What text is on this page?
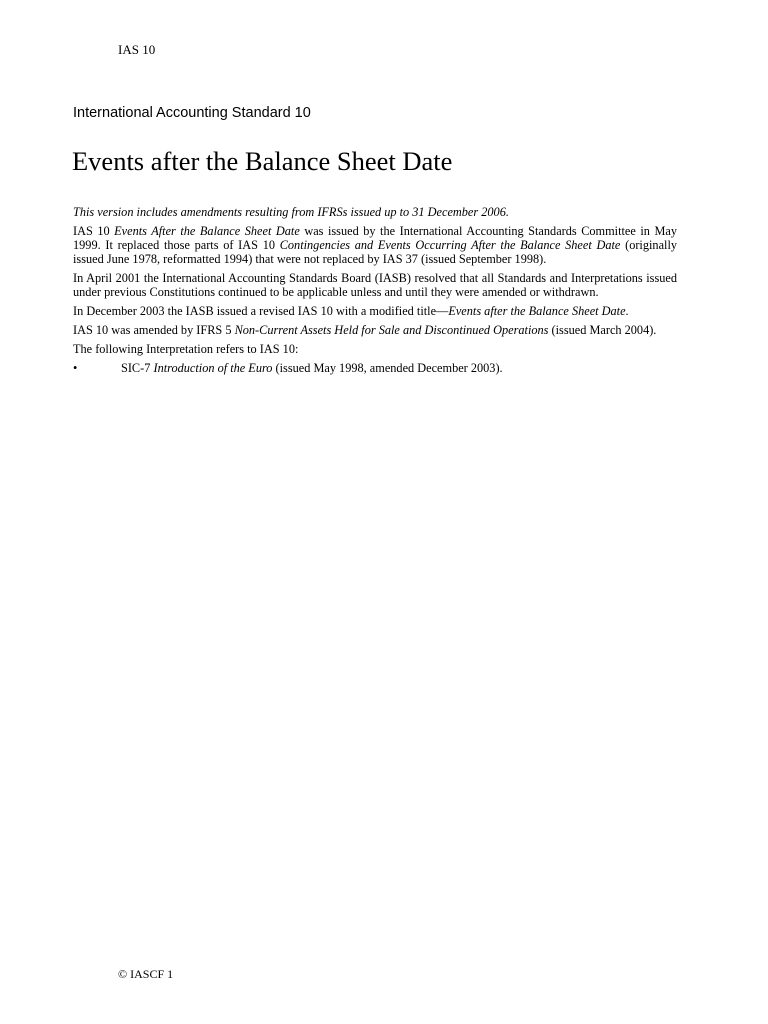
IAS 10
International Accounting Standard 10
Events after the Balance Sheet Date

This version includes amendments resulting from IFRSs issued up to 31 December 2006.

IAS 10 Events After the Balance Sheet Date was issued by the International Accounting Standards Committee in May 1999. It replaced those parts of IAS 10 Contingencies and Events Occurring After the Balance Sheet Date (originally issued June 1978, reformatted 1994) that were not replaced by IAS 37 (issued September 1998).

In April 2001 the International Accounting Standards Board (IASB) resolved that all Standards and Interpretations issued under previous Constitutions continued to be applicable unless and until they were amended or withdrawn.

In December 2003 the IASB issued a revised IAS 10 with a modified title—Events after the Balance Sheet Date.

IAS 10 was amended by IFRS 5 Non-Current Assets Held for Sale and Discontinued Operations (issued March 2004).

The following Interpretation refers to IAS 10:

•	SIC-7 Introduction of the Euro (issued May 1998, amended December 2003).
© IASCF 1
